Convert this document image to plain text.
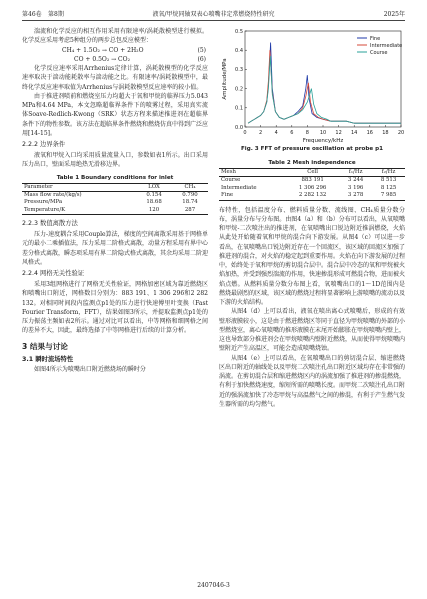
第46卷 第8期	液氧/甲烷同轴双表心喷嘴非定常燃烧特性研究	2025年

湍流和化学反应的相互作用采用有限速率/涡耗散模型进行模拟。化学反应采用考虑5种组分的两步总包反应模型：

CH₄ + 1.5O₂ → CO + 2H₂O	(5)
CO + 0.5O₂ → CO₂	(6)

化学反应速率采用Arrhenius定律计算，涡耗散模型的化学反应速率取决于湍动能耗散率与湍动能之比。有限速率/涡耗散模型中，最终化学反应速率取值为Arrhenius与涡耗散模型反应速率的较小值。

由于推进剂喷前和燃烧室压力均超大于氧和甲烷的临界压力5.043 MPa和4.64 MPa，本文忽略超临界条件下的喷雾过程，采用真实流体Soave-Redlich-Kwong（SRK）状态方程来描述推进剂在超临界条件下的物性参数。该方法在超临界条件燃烧和燃烧仿真中得到广泛应用[14-15]。

2.2.2 边界条件

液氧和甲烷入口均采用质量流量入口，参数如表1所示。出口采用压力出口，壁面采用绝热无滑移边界。

Table 1 Boundary conditions for inlet
Parameter	LOX	CH₄
Mass flow rate/(kg/s)	0.154	0.790
Pressure/MPa	18.68	18.74
Temperature/K	120	287
2.2.3 数值离散方法

压力-速度耦合采用Couple算法，梯度的空间离散采用基于网格单元的最小二乘插值法，压力采用二阶格式离散，动量方程采用有界中心差分格式离散，瞬态项采用有界二阶隐式格式离散，其余均采用二阶迎风格式。

2.2.4 网格无关性验证

采用3组网格进行了网格无关性验证，网格加密区域为靠近燃烧区和喷嘴出口附近，网格数目分别为：883 191、1 306 296和2 282 132。对相同时间段内监测点p1处的压力进行快速傅里叶变换（Fast Fourier Transform，FFT），结果如图3所示，并提取监测点p1处的压力振荡主频如表2所示。通过对比可以看出，中等网格和细网格之间的差异不大，因此，最终选择了中等网格进行后续的计算分析。

3 结果与讨论
3.1 瞬时流场特性

如图4所示为喷嘴出口附近燃烧场的瞬时分

0 2 4 6 8 10 12 14 16 18 20
0.0
0.1
0.2
0.3
0.4
0.5
Frequency/kHz
Amplitude/MPa
Fine
Intermediate
Course
Fig. 3 FFT of pressure oscillation at probe p1
Table 2 Mesh independence
Mesh	Cell	f₁/Hz	f₂/Hz
Course	883 191	3 244	8 513
Intermediate	1 306 296	3 196	8 125
Fine	2 282 132	3 278	7 985

布特性，包括温度分布、燃料质量分数、流线图、CH₄质量分数分布，涡量分布与分布图。由图4（a）和（b）分布可以看出，从氧喷嘴和甲烷-二次喷注出的推进剂，在氧喷嘴出口锐边附近推涡燃烧，火焰从此处开始随着氧和甲烷的混合向下游发展。从图4（c）可以进一步看出，在氧喷嘴出口锐边附近存在一个回流区，该区域的回流区加强了推进剂的混合，对火焰的稳定起到重要作用。火焰在向下游发展的过程中，始终处于氧和甲烷的剪切混合层中。混合层中冷态的氧和甲烷被火焰加热，并受到强烈湍流的作用，快速掺混形成可燃混合物，进而被火焰点燃。从燃料质量分数分布图上看，氧喷嘴出口的1～1D范围内是燃烧最剧烈的区域，该区域的燃烧过程将显著影响上游喷嘴的流动以及下游的火焰结构。

从图4（d）上可以看出，液氧在喷出离心式喷嘴后，形成的有效壁形液膜较小，这是由于燃进燃烧区等同于直径为甲烷喷嘴的外部的小型燃烧室，离心氧喷嘴的推形液膜在末尾开始膨胀在甲烷喷嘴内壁上，这也导致部分推进剂会在甲烷喷嘴内壁附近燃烧，从而使得甲烷喷嘴内壁附近产生高温区，可能会造成喷嘴烧蚀。

从图4（e）上可以看出，在氧喷嘴出口的剪切混合层、缩进燃烧区出口附近的轴线处以及甲烷二次喷注孔出口附近区域均存在非常强的涡流。在剪切混合层和缩进燃烧区内的涡流加强了推进剂的掺混燃烧，有利于加快燃烧速度，缩短所需的喷嘴长度。而甲烷二次喷注孔出口附近的强涡流加快了冷态甲烷与高温燃气之间的掺混，有利于产生燃气发生器所需的均匀燃气。

2407046-3
